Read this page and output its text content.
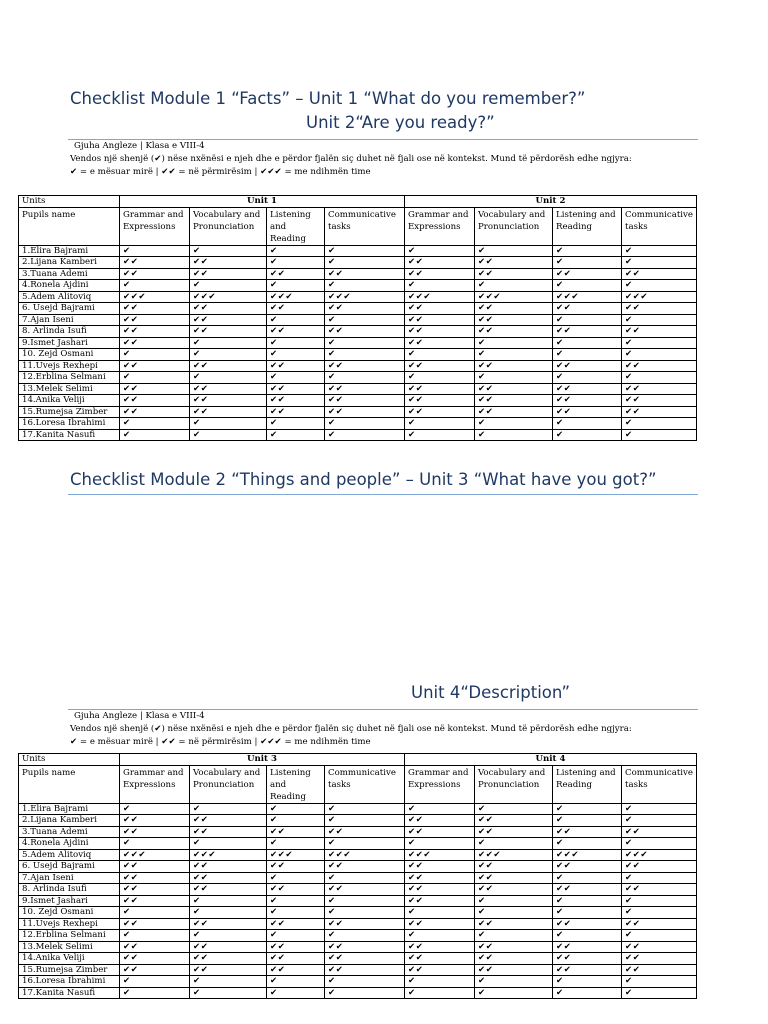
Checklist Module 1 “Facts” – Unit 1 “What do you remember?”
Unit 2“Are you ready?”
Gjuha Angleze | Klasa e VIII-4
Vendos një shenjë (✔) nëse nxënësi e njeh dhe e përdor fjalën siç duhet në fjali ose në kontekst. Mund të përdorësh edhe ngjyra:
✔ = e mësuar mirë | ✔✔ = në përmirësim | ✔✔✔ = me ndihmën time
Units	Unit 1				Unit 2			
Pupils name	Grammar and Expressions	Vocabulary and Pronunciation	Listening and Reading	Communicative tasks	Grammar and Expressions	Vocabulary and Pronunciation	Listening and Reading	Communicative tasks
1.Elira Bajrami	✔	✔	✔	✔	✔	✔	✔	✔
2.Lijana Kamberi	✔✔	✔✔	✔	✔	✔✔	✔✔	✔	✔
3.Tuana Ademi	✔✔	✔✔	✔✔	✔✔	✔✔	✔✔	✔✔	✔✔
4.Ronela Ajdini	✔	✔	✔	✔	✔	✔	✔	✔
5.Adem Alitoviq	✔✔✔	✔✔✔	✔✔✔	✔✔✔	✔✔✔	✔✔✔	✔✔✔	✔✔✔
6. Usejd Bajrami	✔✔	✔✔	✔✔	✔✔	✔✔	✔✔	✔✔	✔✔
7.Ajan Iseni	✔✔	✔✔	✔	✔	✔✔	✔✔	✔	✔
8. Arlinda Isufi	✔✔	✔✔	✔✔	✔✔	✔✔	✔✔	✔✔	✔✔
9.Ismet Jashari	✔✔	✔	✔	✔	✔✔	✔	✔	✔
10. Zejd Osmani	✔	✔	✔	✔	✔	✔	✔	✔
11.Uvejs Rexhepi	✔✔	✔✔	✔✔	✔✔	✔✔	✔✔	✔✔	✔✔
12.Erblina Selmani	✔	✔	✔	✔	✔	✔	✔	✔
13.Melek Selimi	✔✔	✔✔	✔✔	✔✔	✔✔	✔✔	✔✔	✔✔
14.Anika Veliji	✔✔	✔✔	✔✔	✔✔	✔✔	✔✔	✔✔	✔✔
15.Rumejsa Zimber	✔✔	✔✔	✔✔	✔✔	✔✔	✔✔	✔✔	✔✔
16.Loresa Ibrahimi	✔	✔	✔	✔	✔	✔	✔	✔
17.Kanita Nasufi	✔	✔	✔	✔	✔	✔	✔	✔
Checklist Module 2 “Things and people” – Unit 3 “What have you got?”
Unit 4“Description”
Gjuha Angleze | Klasa e VIII-4
Vendos një shenjë (✔) nëse nxënësi e njeh dhe e përdor fjalën siç duhet në fjali ose në kontekst. Mund të përdorësh edhe ngjyra:
✔ = e mësuar mirë | ✔✔ = në përmirësim | ✔✔✔ = me ndihmën time
Units	Unit 3				Unit 4			
Pupils name	Grammar and Expressions	Vocabulary and Pronunciation	Listening and Reading	Communicative tasks	Grammar and Expressions	Vocabulary and Pronunciation	Listening and Reading	Communicative tasks
1.Elira Bajrami	✔	✔	✔	✔	✔	✔	✔	✔
2.Lijana Kamberi	✔✔	✔✔	✔	✔	✔✔	✔✔	✔	✔
3.Tuana Ademi	✔✔	✔✔	✔✔	✔✔	✔✔	✔✔	✔✔	✔✔
4.Ronela Ajdini	✔	✔	✔	✔	✔	✔	✔	✔
5.Adem Alitoviq	✔✔✔	✔✔✔	✔✔✔	✔✔✔	✔✔✔	✔✔✔	✔✔✔	✔✔✔
6. Usejd Bajrami	✔✔	✔✔	✔✔	✔✔	✔✔	✔✔	✔✔	✔✔
7.Ajan Iseni	✔✔	✔✔	✔	✔	✔✔	✔✔	✔	✔
8. Arlinda Isufi	✔✔	✔✔	✔✔	✔✔	✔✔	✔✔	✔✔	✔✔
9.Ismet Jashari	✔✔	✔	✔	✔	✔✔	✔	✔	✔
10. Zejd Osmani	✔	✔	✔	✔	✔	✔	✔	✔
11.Uvejs Rexhepi	✔✔	✔✔	✔✔	✔✔	✔✔	✔✔	✔✔	✔✔
12.Erblina Selmani	✔	✔	✔	✔	✔	✔	✔	✔
13.Melek Selimi	✔✔	✔✔	✔✔	✔✔	✔✔	✔✔	✔✔	✔✔
14.Anika Veliji	✔✔	✔✔	✔✔	✔✔	✔✔	✔✔	✔✔	✔✔
15.Rumejsa Zimber	✔✔	✔✔	✔✔	✔✔	✔✔	✔✔	✔✔	✔✔
16.Loresa Ibrahimi	✔	✔	✔	✔	✔	✔	✔	✔
17.Kanita Nasufi	✔	✔	✔	✔	✔	✔	✔	✔
